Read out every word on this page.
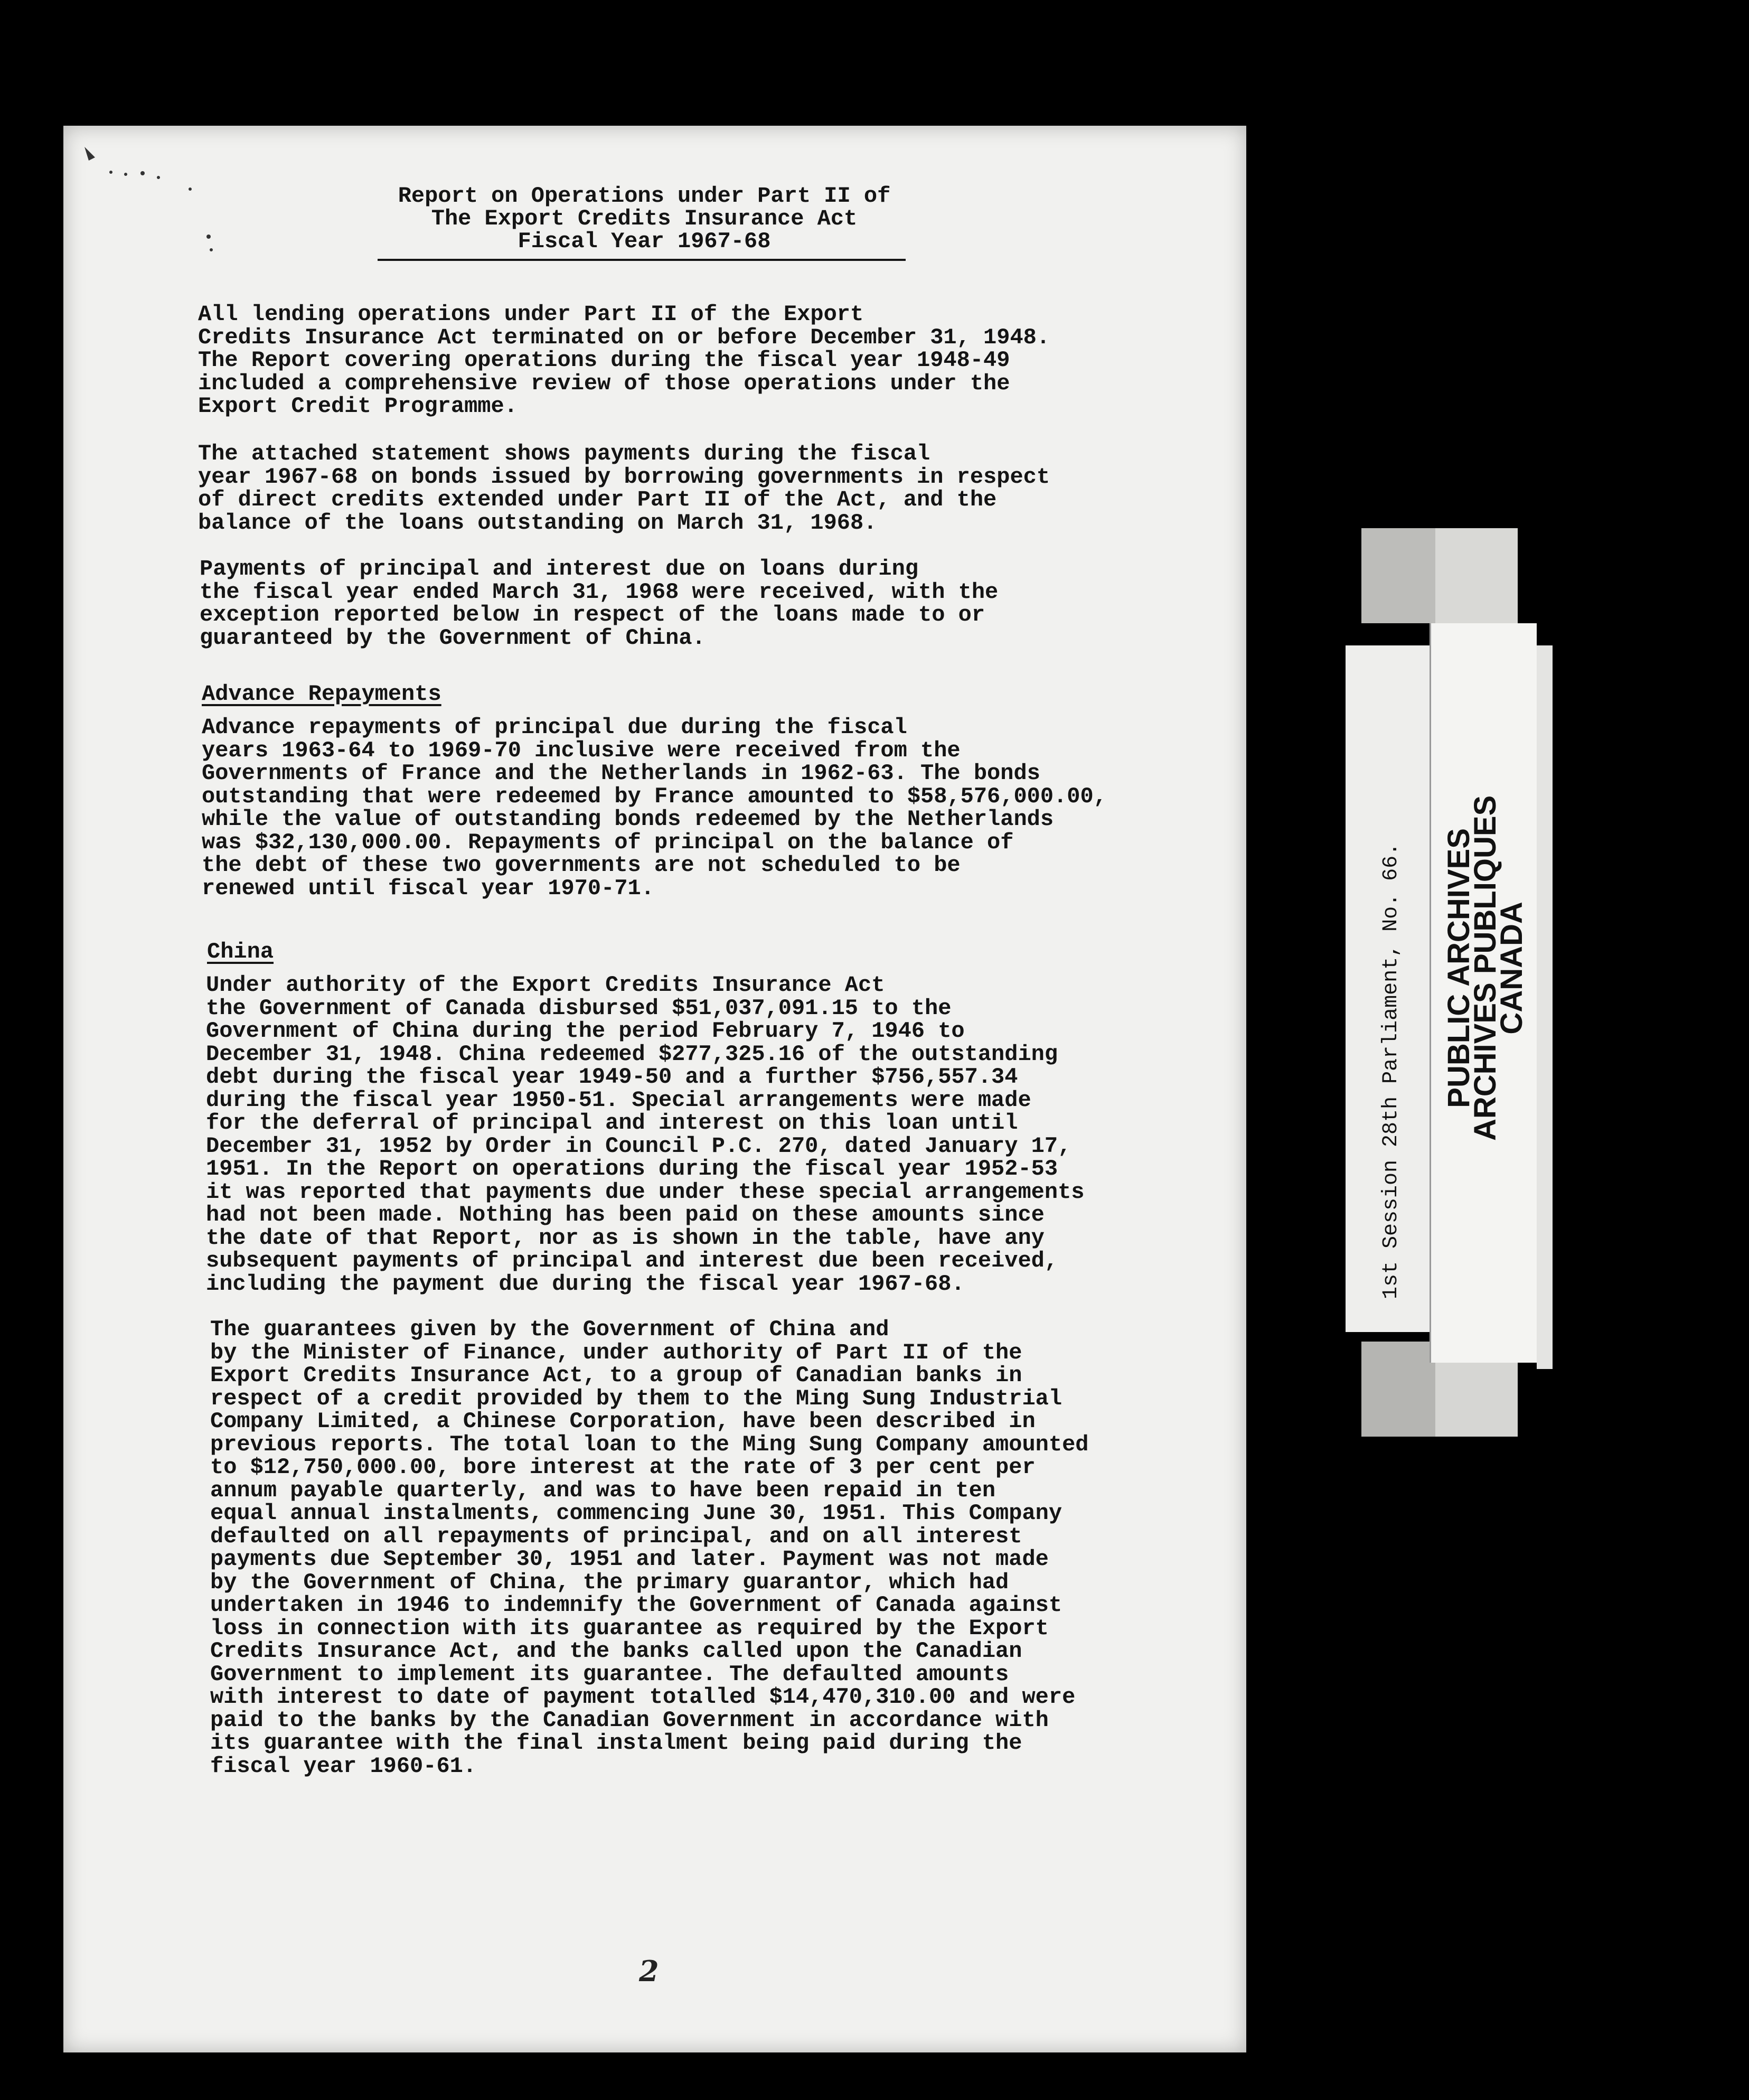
Report on Operations under Part II of
The Export Credits Insurance Act
Fiscal Year 1967-68
All lending operations under Part II of the Export
Credits Insurance Act terminated on or before December 31, 1948.
The Report covering operations during the fiscal year 1948-49
included a comprehensive review of those operations under the
Export Credit Programme.
The attached statement shows payments during the fiscal
year 1967-68 on bonds issued by borrowing governments in respect
of direct credits extended under Part II of the Act, and the
balance of the loans outstanding on March 31, 1968.
Payments of principal and interest due on loans during
the fiscal year ended March 31, 1968 were received, with the
exception reported below in respect of the loans made to or
guaranteed by the Government of China.
Advance Repayments
Advance repayments of principal due during the fiscal
years 1963-64 to 1969-70 inclusive were received from the
Governments of France and the Netherlands in 1962-63. The bonds
outstanding that were redeemed by France amounted to $58,576,000.00,
while the value of outstanding bonds redeemed by the Netherlands
was $32,130,000.00. Repayments of principal on the balance of
the debt of these two governments are not scheduled to be
renewed until fiscal year 1970-71.
China
Under authority of the Export Credits Insurance Act
the Government of Canada disbursed $51,037,091.15 to the
Government of China during the period February 7, 1946 to
December 31, 1948. China redeemed $277,325.16 of the outstanding
debt during the fiscal year 1949-50 and a further $756,557.34
during the fiscal year 1950-51. Special arrangements were made
for the deferral of principal and interest on this loan until
December 31, 1952 by Order in Council P.C. 270, dated January 17,
1951. In the Report on operations during the fiscal year 1952-53
it was reported that payments due under these special arrangements
had not been made. Nothing has been paid on these amounts since
the date of that Report, nor as is shown in the table, have any
subsequent payments of principal and interest due been received,
including the payment due during the fiscal year 1967-68.
The guarantees given by the Government of China and
by the Minister of Finance, under authority of Part II of the
Export Credits Insurance Act, to a group of Canadian banks in
respect of a credit provided by them to the Ming Sung Industrial
Company Limited, a Chinese Corporation, have been described in
previous reports. The total loan to the Ming Sung Company amounted
to $12,750,000.00, bore interest at the rate of 3 per cent per
annum payable quarterly, and was to have been repaid in ten
equal annual instalments, commencing June 30, 1951. This Company
defaulted on all repayments of principal, and on all interest
payments due September 30, 1951 and later. Payment was not made
by the Government of China, the primary guarantor, which had
undertaken in 1946 to indemnify the Government of Canada against
loss in connection with its guarantee as required by the Export
Credits Insurance Act, and the banks called upon the Canadian
Government to implement its guarantee. The defaulted amounts
with interest to date of payment totalled $14,470,310.00 and were
paid to the banks by the Canadian Government in accordance with
its guarantee with the final instalment being paid during the
fiscal year 1960-61.
2
1st Session 28th Parliament, No. 66. PUBLIC ARCHIVES
ARCHIVES PUBLIQUES
CANADA
